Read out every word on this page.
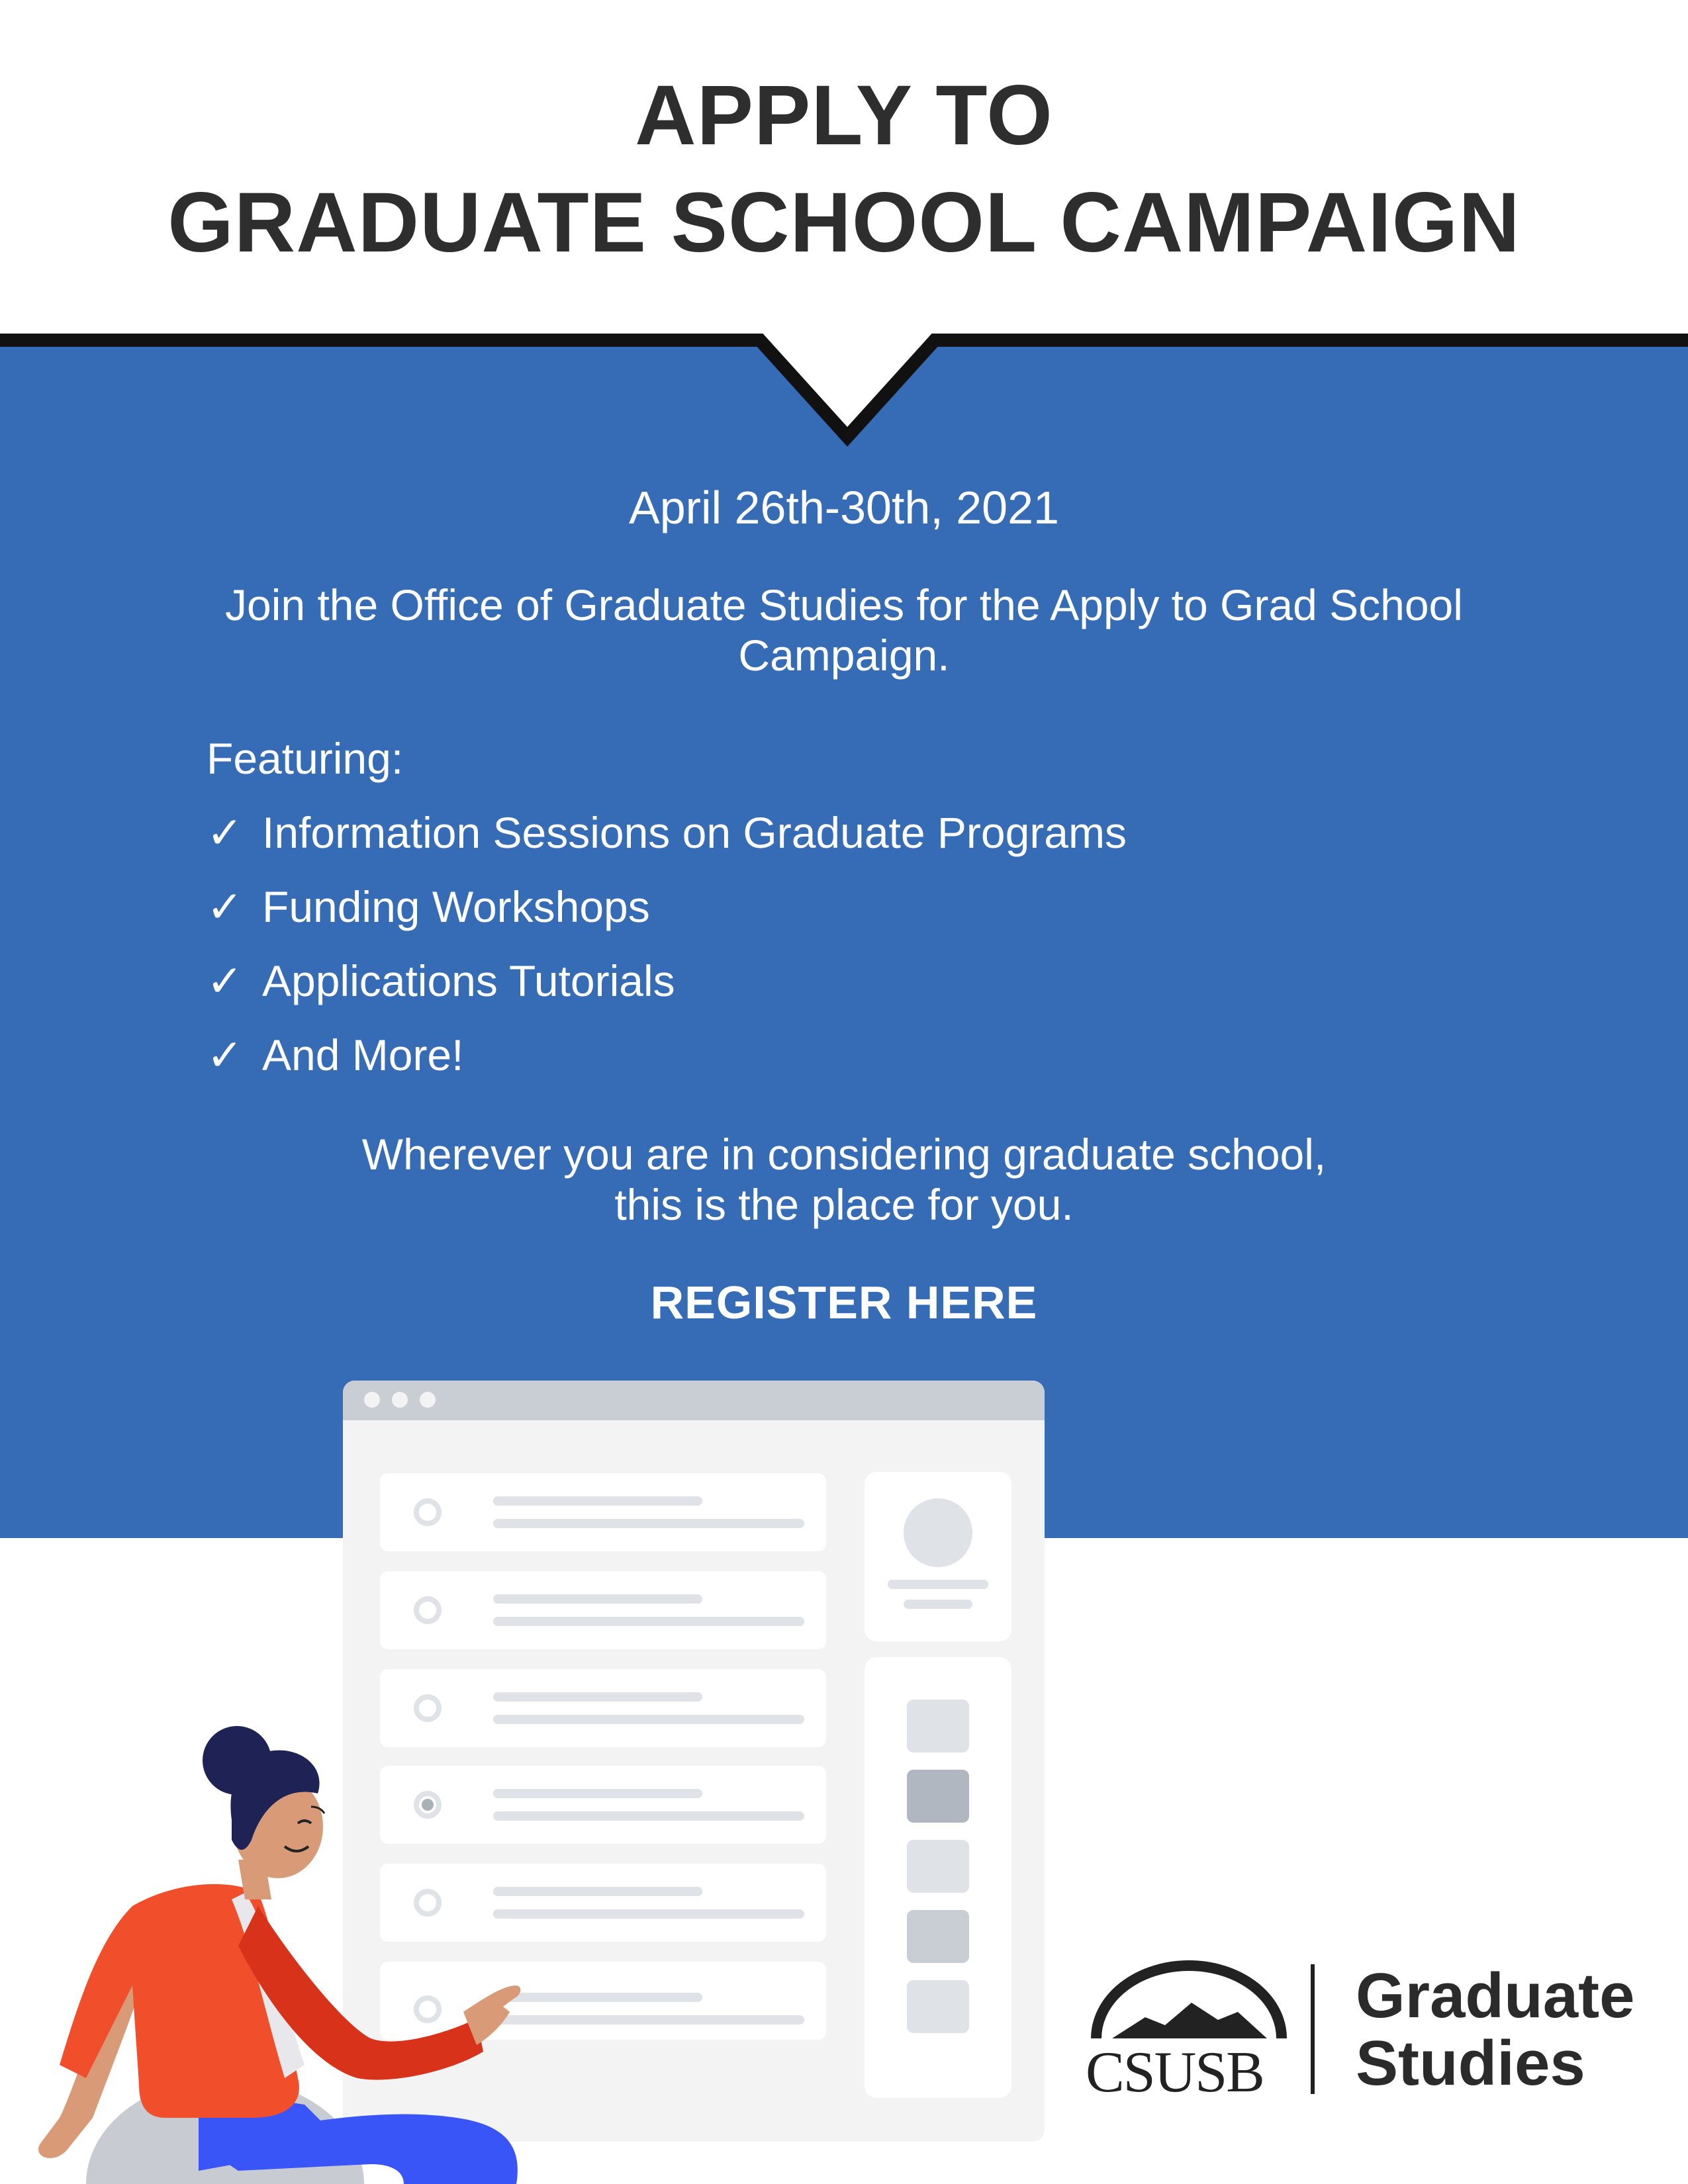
APPLY TO
GRADUATE SCHOOL CAMPAIGN
April 26th-30th, 2021
Join the Office of Graduate Studies for the Apply to Grad School Campaign.
Featuring:
✓ Information Sessions on Graduate Programs
✓ Funding Workshops
✓ Applications Tutorials
✓ And More!
Wherever you are in considering graduate school,
this is the place for you.
REGISTER HERE
CSUSB
Graduate
Studies
